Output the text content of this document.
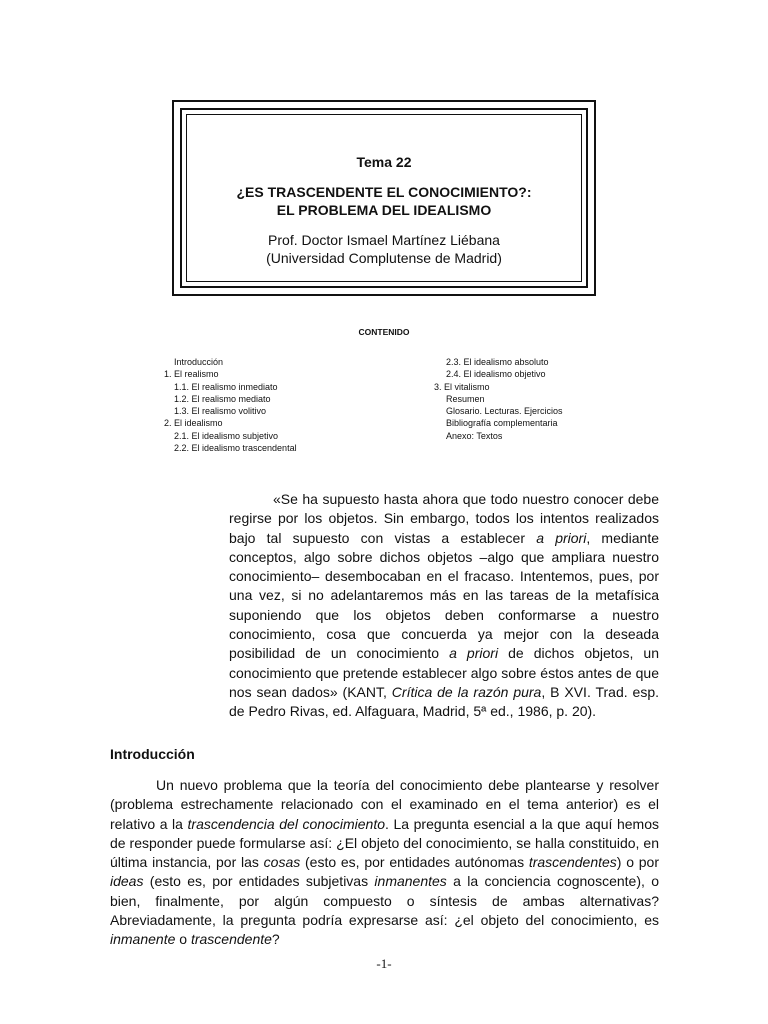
Tema 22
¿ES TRASCENDENTE EL CONOCIMIENTO?:
EL PROBLEMA DEL IDEALISMO
Prof. Doctor Ismael Martínez Liébana
(Universidad Complutense de Madrid)
CONTENIDO
Introducción
1. El realismo
1.1. El realismo inmediato
1.2. El realismo mediato
1.3. El realismo volitivo
2. El idealismo
2.1. El idealismo subjetivo
2.2. El idealismo trascendental
2.3. El idealismo absoluto
2.4. El idealismo objetivo
3. El vitalismo
Resumen
Glosario. Lecturas. Ejercicios
Bibliografía complementaria
Anexo: Textos
«Se ha supuesto hasta ahora que todo nuestro conocer debe regirse por los objetos. Sin embargo, todos los intentos realizados bajo tal supuesto con vistas a establecer a priori, mediante conceptos, algo sobre dichos objetos –algo que ampliara nuestro conocimiento– desembocaban en el fracaso. Intentemos, pues, por una vez, si no adelantaremos más en las tareas de la metafísica suponiendo que los objetos deben conformarse a nuestro conocimiento, cosa que concuerda ya mejor con la deseada posibilidad de un conocimiento a priori de dichos objetos, un conocimiento que pretende establecer algo sobre éstos antes de que nos sean dados» (KANT, Crítica de la razón pura, B XVI. Trad. esp. de Pedro Rivas, ed. Alfaguara, Madrid, 5ª ed., 1986, p. 20).
Introducción

Un nuevo problema que la teoría del conocimiento debe plantearse y resolver (problema estrechamente relacionado con el examinado en el tema anterior) es el relativo a la trascendencia del conocimiento. La pregunta esencial a la que aquí hemos de responder puede formularse así: ¿El objeto del conocimiento, se halla constituido, en última instancia, por las cosas (esto es, por entidades autónomas trascendentes) o por ideas (esto es, por entidades subjetivas inmanentes a la conciencia cognoscente), o bien, finalmente, por algún compuesto o síntesis de ambas alternativas? Abreviadamente, la pregunta podría expresarse así: ¿el objeto del conocimiento, es inmanente o trascendente?

-1-
